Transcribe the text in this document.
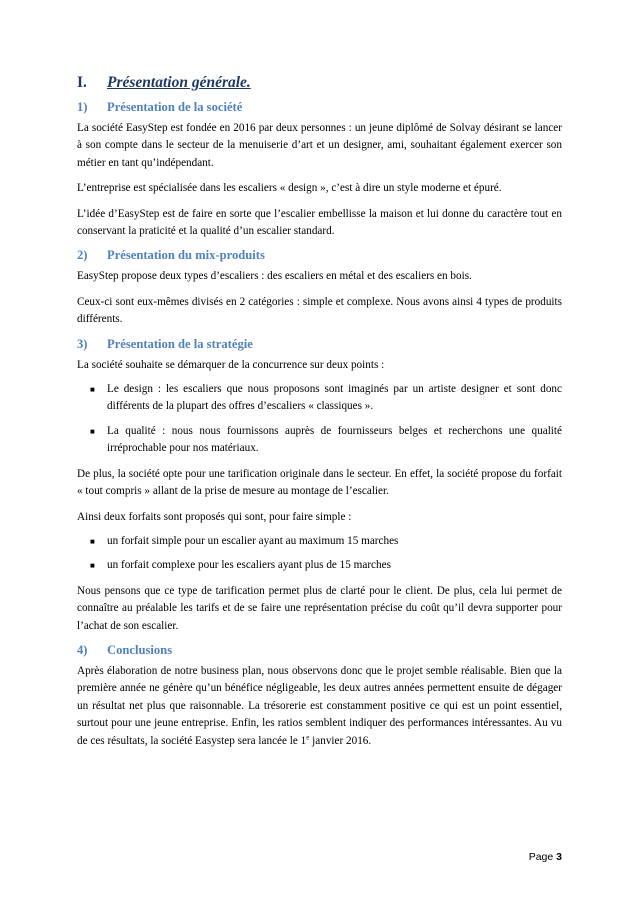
I.	Présentation générale.
1)	Présentation de la société

La société EasyStep est fondée en 2016 par deux personnes : un jeune diplômé de Solvay désirant se lancer à son compte dans le secteur de la menuiserie d’art et un designer, ami, souhaitant également exercer son métier en tant qu’indépendant.

L’entreprise est spécialisée dans les escaliers « design », c’est à dire un style moderne et épuré.

L’idée d’EasyStep est de faire en sorte que l’escalier embellisse la maison et lui donne du caractère tout en conservant la praticité et la qualité d’un escalier standard.

2)	Présentation du mix-produits

EasyStep propose deux types d’escaliers : des escaliers en métal et des escaliers en bois.

Ceux-ci sont eux-mêmes divisés en 2 catégories : simple et complexe. Nous avons ainsi 4 types de produits différents.

3)	Présentation de la stratégie

La société souhaite se démarquer de la concurrence sur deux points :

■ Le design : les escaliers que nous proposons sont imaginés par un artiste designer et sont donc différents de la plupart des offres d’escaliers « classiques ».
■ La qualité : nous nous fournissons auprès de fournisseurs belges et recherchons une qualité irréprochable pour nos matériaux.

De plus, la société opte pour une tarification originale dans le secteur. En effet, la société propose du forfait « tout compris » allant de la prise de mesure au montage de l’escalier.

Ainsi deux forfaits sont proposés qui sont, pour faire simple :

■ un forfait simple pour un escalier ayant au maximum 15 marches
■ un forfait complexe pour les escaliers ayant plus de 15 marches

Nous pensons que ce type de tarification permet plus de clarté pour le client. De plus, cela lui permet de connaître au préalable les tarifs et de se faire une représentation précise du coût qu’il devra supporter pour l’achat de son escalier.

4)	Conclusions

Après élaboration de notre business plan, nous observons donc que le projet semble réalisable. Bien que la première année ne génère qu’un bénéfice négligeable, les deux autres années permettent ensuite de dégager un résultat net plus que raisonnable. La trésorerie est constamment positive ce qui est un point essentiel, surtout pour une jeune entreprise. Enfin, les ratios semblent indiquer des performances intéressantes. Au vu de ces résultats, la société Easystep sera lancée le 1e janvier 2016.

Page 3
